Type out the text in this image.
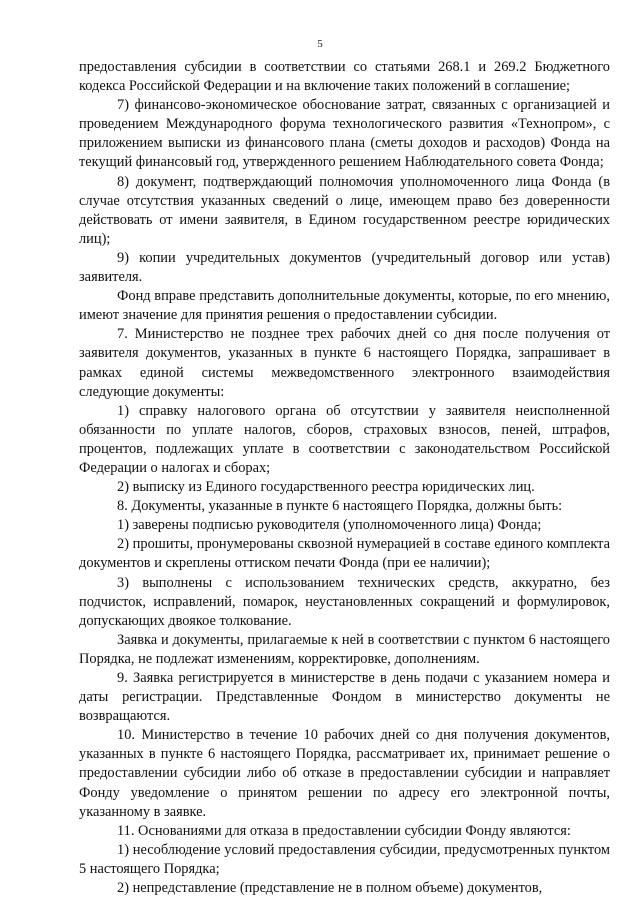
5

предоставления субсидии в соответствии со статьями 268.1 и 269.2 Бюджетного кодекса Российской Федерации и на включение таких положений в соглашение;

7) финансово-экономическое обоснование затрат, связанных с организацией и проведением Международного форума технологического развития «Технопром», с приложением выписки из финансового плана (сметы доходов и расходов) Фонда на текущий финансовый год, утвержденного решением Наблюдательного совета Фонда;

8) документ, подтверждающий полномочия уполномоченного лица Фонда (в случае отсутствия указанных сведений о лице, имеющем право без доверенности действовать от имени заявителя, в Едином государственном реестре юридических лиц);

9) копии учредительных документов (учредительный договор или устав) заявителя.

Фонд вправе представить дополнительные документы, которые, по его мнению, имеют значение для принятия решения о предоставлении субсидии.

7. Министерство не позднее трех рабочих дней со дня после получения от заявителя документов, указанных в пункте 6 настоящего Порядка, запрашивает в рамках единой системы межведомственного электронного взаимодействия следующие документы:

1) справку налогового органа об отсутствии у заявителя неисполненной обязанности по уплате налогов, сборов, страховых взносов, пеней, штрафов, процентов, подлежащих уплате в соответствии с законодательством Российской Федерации о налогах и сборах;

2) выписку из Единого государственного реестра юридических лиц.

8. Документы, указанные в пункте 6 настоящего Порядка, должны быть:

1) заверены подписью руководителя (уполномоченного лица) Фонда;

2) прошиты, пронумерованы сквозной нумерацией в составе единого комплекта документов и скреплены оттиском печати Фонда (при ее наличии);

3) выполнены с использованием технических средств, аккуратно, без подчисток, исправлений, помарок, неустановленных сокращений и формулировок, допускающих двоякое толкование.

Заявка и документы, прилагаемые к ней в соответствии с пунктом 6 настоящего Порядка, не подлежат изменениям, корректировке, дополнениям.

9. Заявка регистрируется в министерстве в день подачи с указанием номера и даты регистрации. Представленные Фондом в министерство документы не возвращаются.

10. Министерство в течение 10 рабочих дней со дня получения документов, указанных в пункте 6 настоящего Порядка, рассматривает их, принимает решение о предоставлении субсидии либо об отказе в предоставлении субсидии и направляет Фонду уведомление о принятом решении по адресу его электронной почты, указанному в заявке.

11. Основаниями для отказа в предоставлении субсидии Фонду являются:

1) несоблюдение условий предоставления субсидии, предусмотренных пунктом 5 настоящего Порядка;

2) непредставление (представление не в полном объеме) документов,
